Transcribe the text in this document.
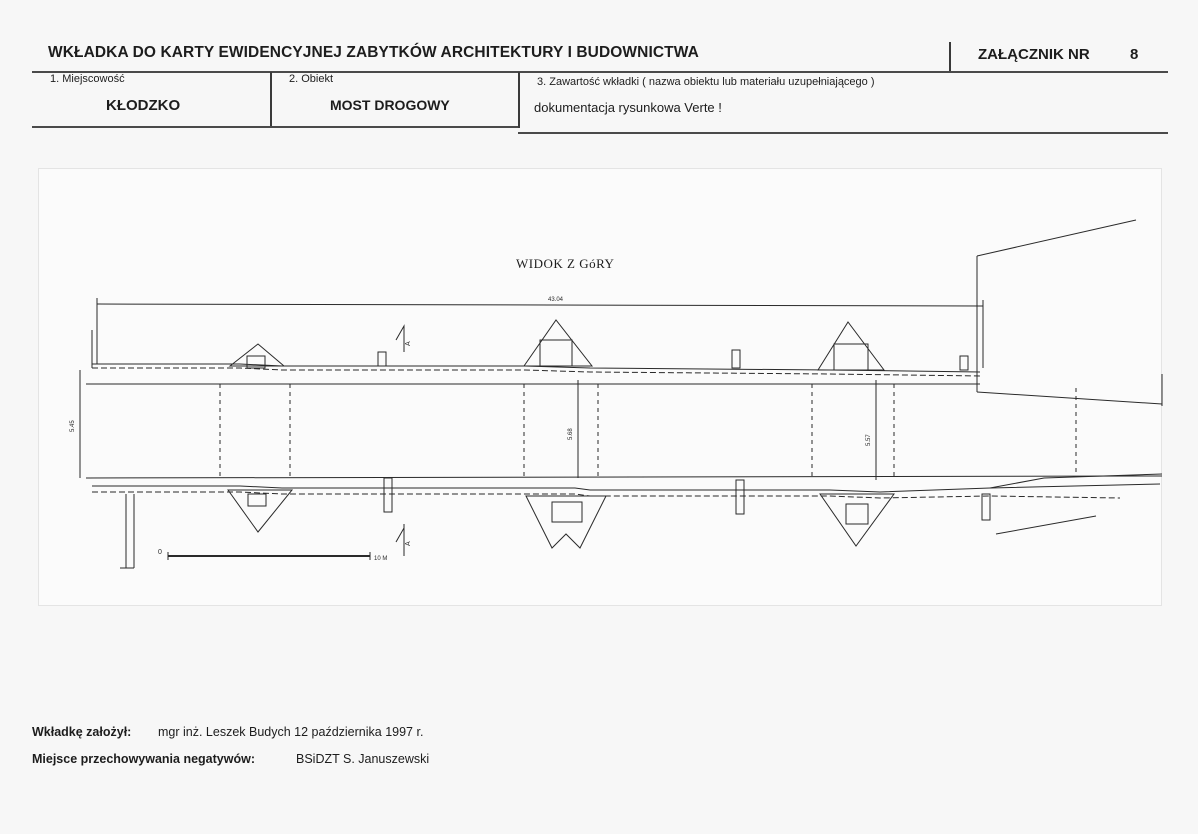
WKŁADKA DO KARTY EWIDENCYJNEJ ZABYTKÓW ARCHITEKTURY I BUDOWNICTWA	ZAŁĄCZNIK NR	8
1. Miejscowość
KŁODZKO
2. Obiekt
MOST DROGOWY
3. Zawartość wkładki ( nazwa obiektu lub materiału uzupełniającego )
dokumentacja rysunkowa Verte !
WIDOK Z GóRY
43.04
5.45
5.68
5.57
A
A
0
10 M
Wkładkę założył: mgr inż. Leszek Budych 12 października 1997 r.
Miejsce przechowywania negatywów:	BSiDZT S. Januszewski
